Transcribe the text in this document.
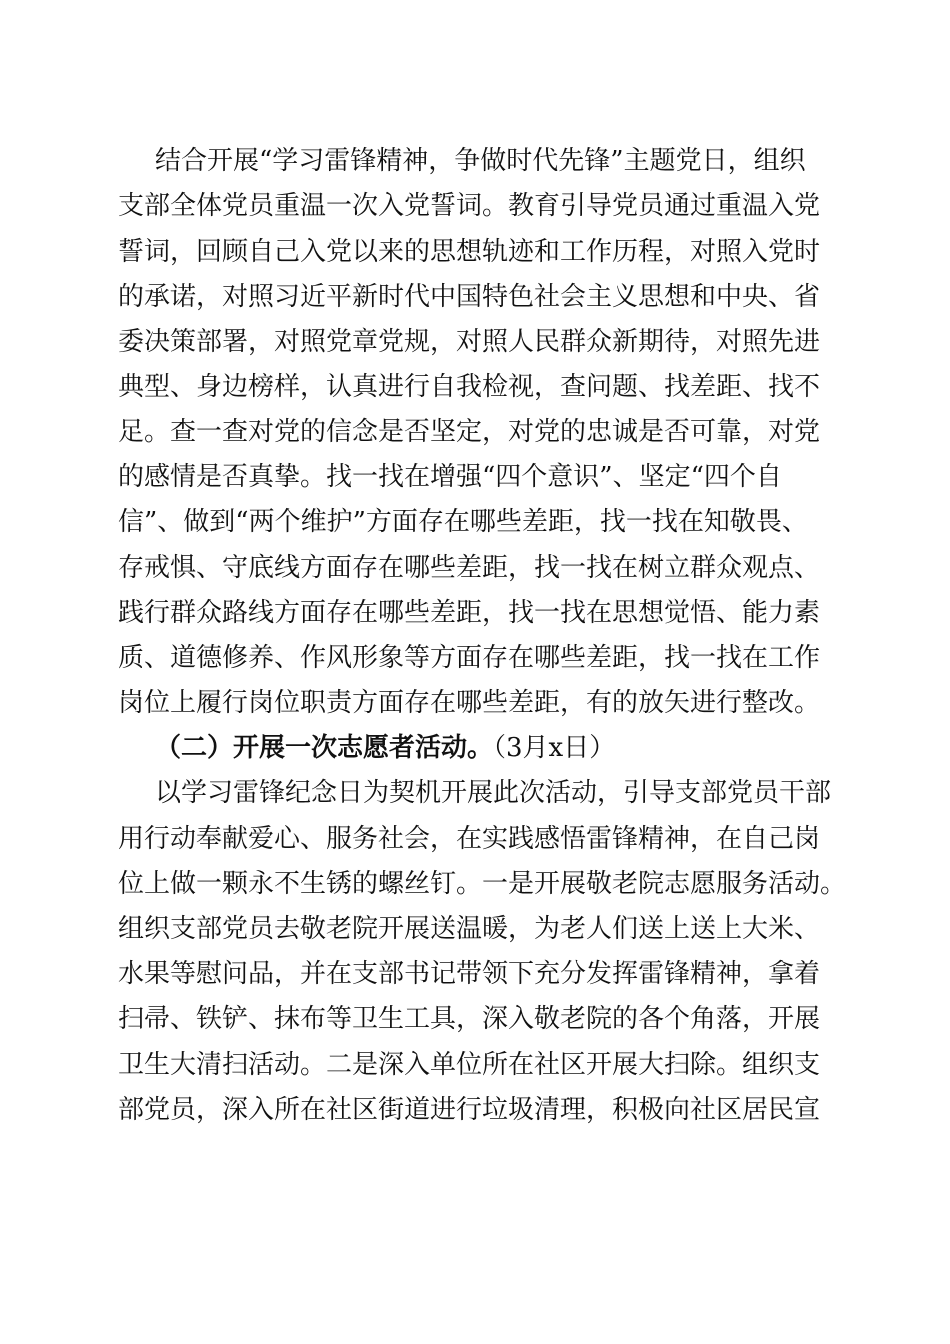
结合开展“学习雷锋精神，争做时代先锋”主题党日，组织
支部全体党员重温一次入党誓词。教育引导党员通过重温入党
誓词，回顾自己入党以来的思想轨迹和工作历程，对照入党时
的承诺，对照习近平新时代中国特色社会主义思想和中央、省
委决策部署，对照党章党规，对照人民群众新期待，对照先进
典型、身边榜样，认真进行自我检视，查问题、找差距、找不
足。查一查对党的信念是否坚定，对党的忠诚是否可靠，对党
的感情是否真挚。找一找在增强“四个意识”、坚定“四个自
信”、做到“两个维护”方面存在哪些差距，找一找在知敬畏、
存戒惧、守底线方面存在哪些差距，找一找在树立群众观点、
践行群众路线方面存在哪些差距，找一找在思想觉悟、能力素
质、道德修养、作风形象等方面存在哪些差距，找一找在工作
岗位上履行岗位职责方面存在哪些差距，有的放矢进行整改。
（二）开展一次志愿者活动。（3月x日）
以学习雷锋纪念日为契机开展此次活动，引导支部党员干部
用行动奉献爱心、服务社会，在实践感悟雷锋精神，在自己岗
位上做一颗永不生锈的螺丝钉。一是开展敬老院志愿服务活动。
组织支部党员去敬老院开展送温暖，为老人们送上送上大米、
水果等慰问品，并在支部书记带领下充分发挥雷锋精神，拿着
扫帚、铁铲、抹布等卫生工具，深入敬老院的各个角落，开展
卫生大清扫活动。二是深入单位所在社区开展大扫除。组织支
部党员，深入所在社区街道进行垃圾清理，积极向社区居民宣
